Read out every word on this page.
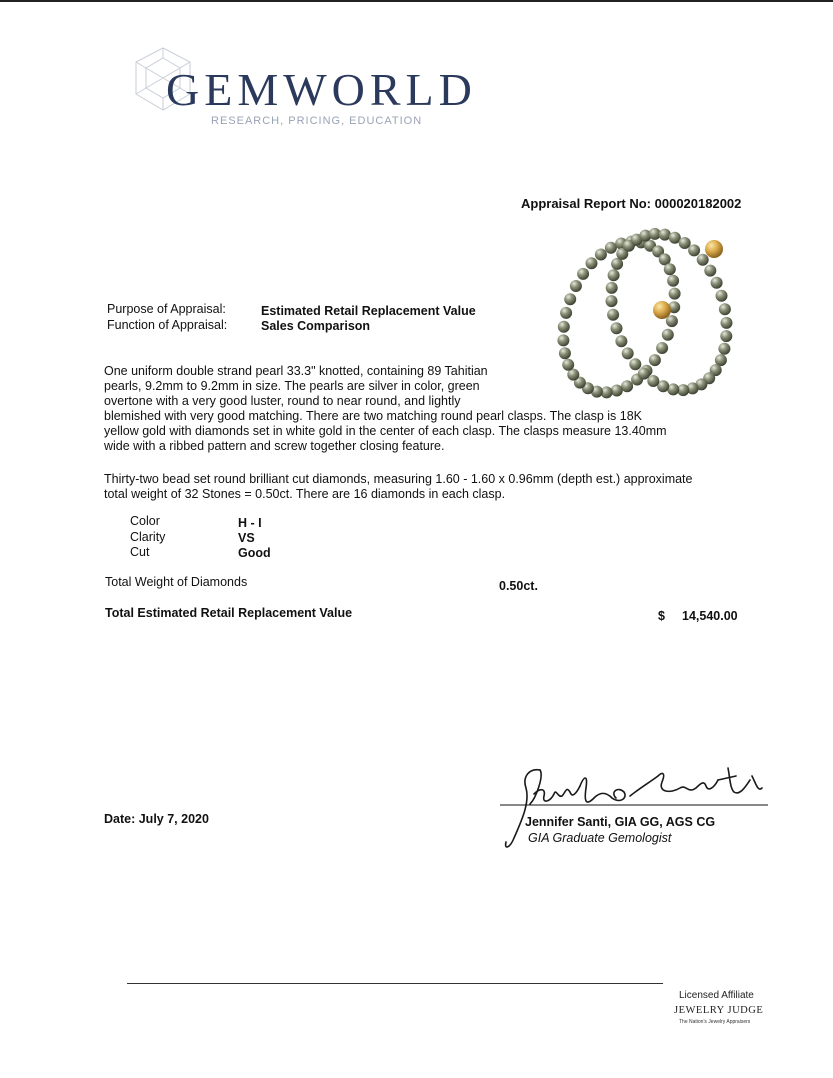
GEMWORLD
RESEARCH, PRICING, EDUCATION
Appraisal Report No: 000020182002
Purpose of Appraisal:	Estimated Retail Replacement Value
Function of Appraisal:	Sales Comparison
One uniform double strand pearl 33.3" knotted, containing 89 Tahitian
pearls, 9.2mm to 9.2mm in size. The pearls are silver in color, green
overtone with a very good luster, round to near round, and lightly
blemished with very good matching. There are two matching round pearl clasps. The clasp is 18K
yellow gold with diamonds set in white gold in the center of each clasp. The clasps measure 13.40mm
wide with a ribbed pattern and screw together closing feature.
Thirty-two bead set round brilliant cut diamonds, measuring 1.60 - 1.60 x 0.96mm (depth est.) approximate
total weight of 32 Stones = 0.50ct. There are 16 diamonds in each clasp.
Color	H - I
Clarity	VS
Cut	Good
Total Weight of Diamonds	0.50ct.
Total Estimated Retail Replacement Value	$ 14,540.00
Date: July 7, 2020	Jennifer Santi, GIA GG, AGS CG
GIA Graduate Gemologist
Licensed Affiliate
JEWELRY JUDGE
The Nation's Jewelry Appraisers
